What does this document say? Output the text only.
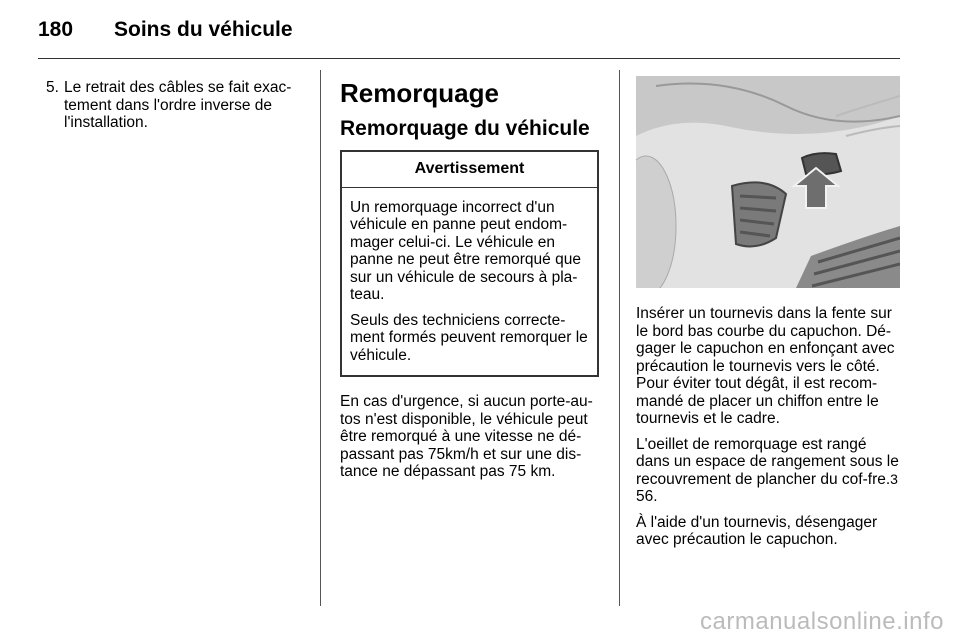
180 Soins du véhicule
5. Le retrait des câbles se fait exac-tement dans l'ordre inverse de l'installation.
Remorquage
Remorquage du véhicule
Avertissement

Un remorquage incorrect d'un véhicule en panne peut endom-mager celui-ci. Le véhicule en panne ne peut être remorqué que sur un véhicule de secours à pla-teau.

Seuls des techniciens correcte-ment formés peuvent remorquer le véhicule.

En cas d'urgence, si aucun porte-au-tos n'est disponible, le véhicule peut être remorqué à une vitesse ne dé-passant pas 75km/h et sur une dis-tance ne dépassant pas 75 km.

Insérer un tournevis dans la fente sur le bord bas courbe du capuchon. Dé-gager le capuchon en enfonçant avec précaution le tournevis vers le côté. Pour éviter tout dégât, il est recom-mandé de placer un chiffon entre le tournevis et le cadre.

L'oeillet de remorquage est rangé dans un espace de rangement sous le recouvrement de plancher du cof-fre.3 56.

À l'aide d'un tournevis, désengager avec précaution le capuchon.

carmanualsonline.info
